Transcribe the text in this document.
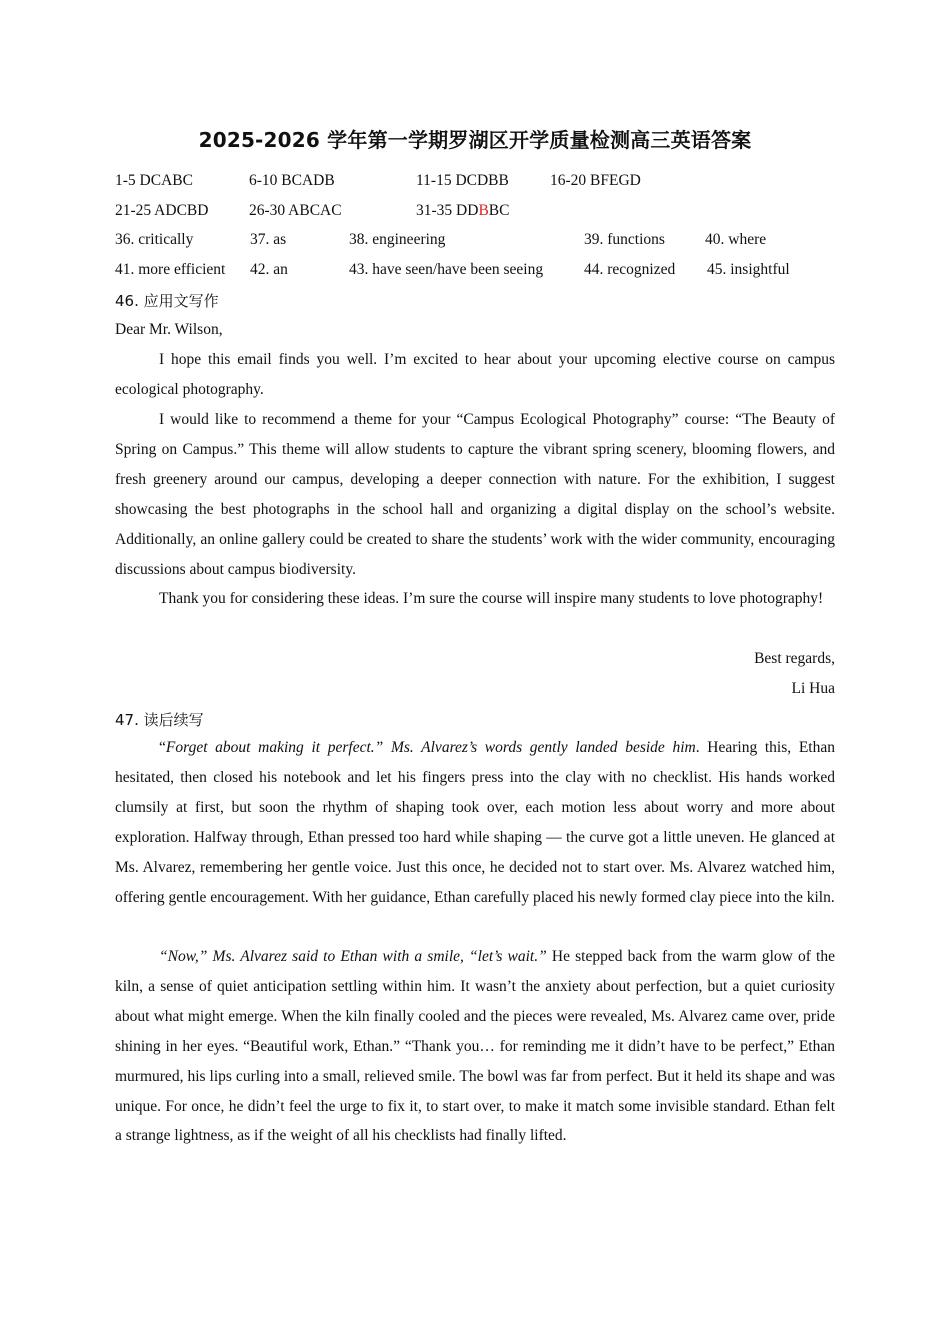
2025-2026 学年第一学期罗湖区开学质量检测高三英语答案
1-5 DCABC	6-10 BCADB	11-15 DCDBB	16-20 BFEGD
21-25 ADCBD	26-30 ABCAC	31-35 DDBBC
36. critically	37. as	38. engineering	39. functions	40. where
41. more efficient 42. an	43. have seen/have been seeing	44. recognized 45. insightful
46. 应用文写作
Dear Mr. Wilson,

I hope this email finds you well. I’m excited to hear about your upcoming elective course on campus ecological photography.

I would like to recommend a theme for your “Campus Ecological Photography” course: “The Beauty of Spring on Campus.” This theme will allow students to capture the vibrant spring scenery, blooming flowers, and fresh greenery around our campus, developing a deeper connection with nature. For the exhibition, I suggest showcasing the best photographs in the school hall and organizing a digital display on the school’s website. Additionally, an online gallery could be created to share the students’ work with the wider community, encouraging discussions about campus biodiversity.

Thank you for considering these ideas. I’m sure the course will inspire many students to love photography!

Best regards,
Li Hua
47. 读后续写

“Forget about making it perfect.” Ms. Alvarez’s words gently landed beside him. Hearing this, Ethan hesitated, then closed his notebook and let his fingers press into the clay with no checklist. His hands worked clumsily at first, but soon the rhythm of shaping took over, each motion less about worry and more about exploration. Halfway through, Ethan pressed too hard while shaping — the curve got a little uneven. He glanced at Ms. Alvarez, remembering her gentle voice. Just this once, he decided not to start over. Ms. Alvarez watched him, offering gentle encouragement. With her guidance, Ethan carefully placed his newly formed clay piece into the kiln.

“Now,” Ms. Alvarez said to Ethan with a smile, “let’s wait.” He stepped back from the warm glow of the kiln, a sense of quiet anticipation settling within him. It wasn’t the anxiety about perfection, but a quiet curiosity about what might emerge. When the kiln finally cooled and the pieces were revealed, Ms. Alvarez came over, pride shining in her eyes. “Beautiful work, Ethan.” “Thank you… for reminding me it didn’t have to be perfect,” Ethan murmured, his lips curling into a small, relieved smile. The bowl was far from perfect. But it held its shape and was unique. For once, he didn’t feel the urge to fix it, to start over, to make it match some invisible standard. Ethan felt a strange lightness, as if the weight of all his checklists had finally lifted.
